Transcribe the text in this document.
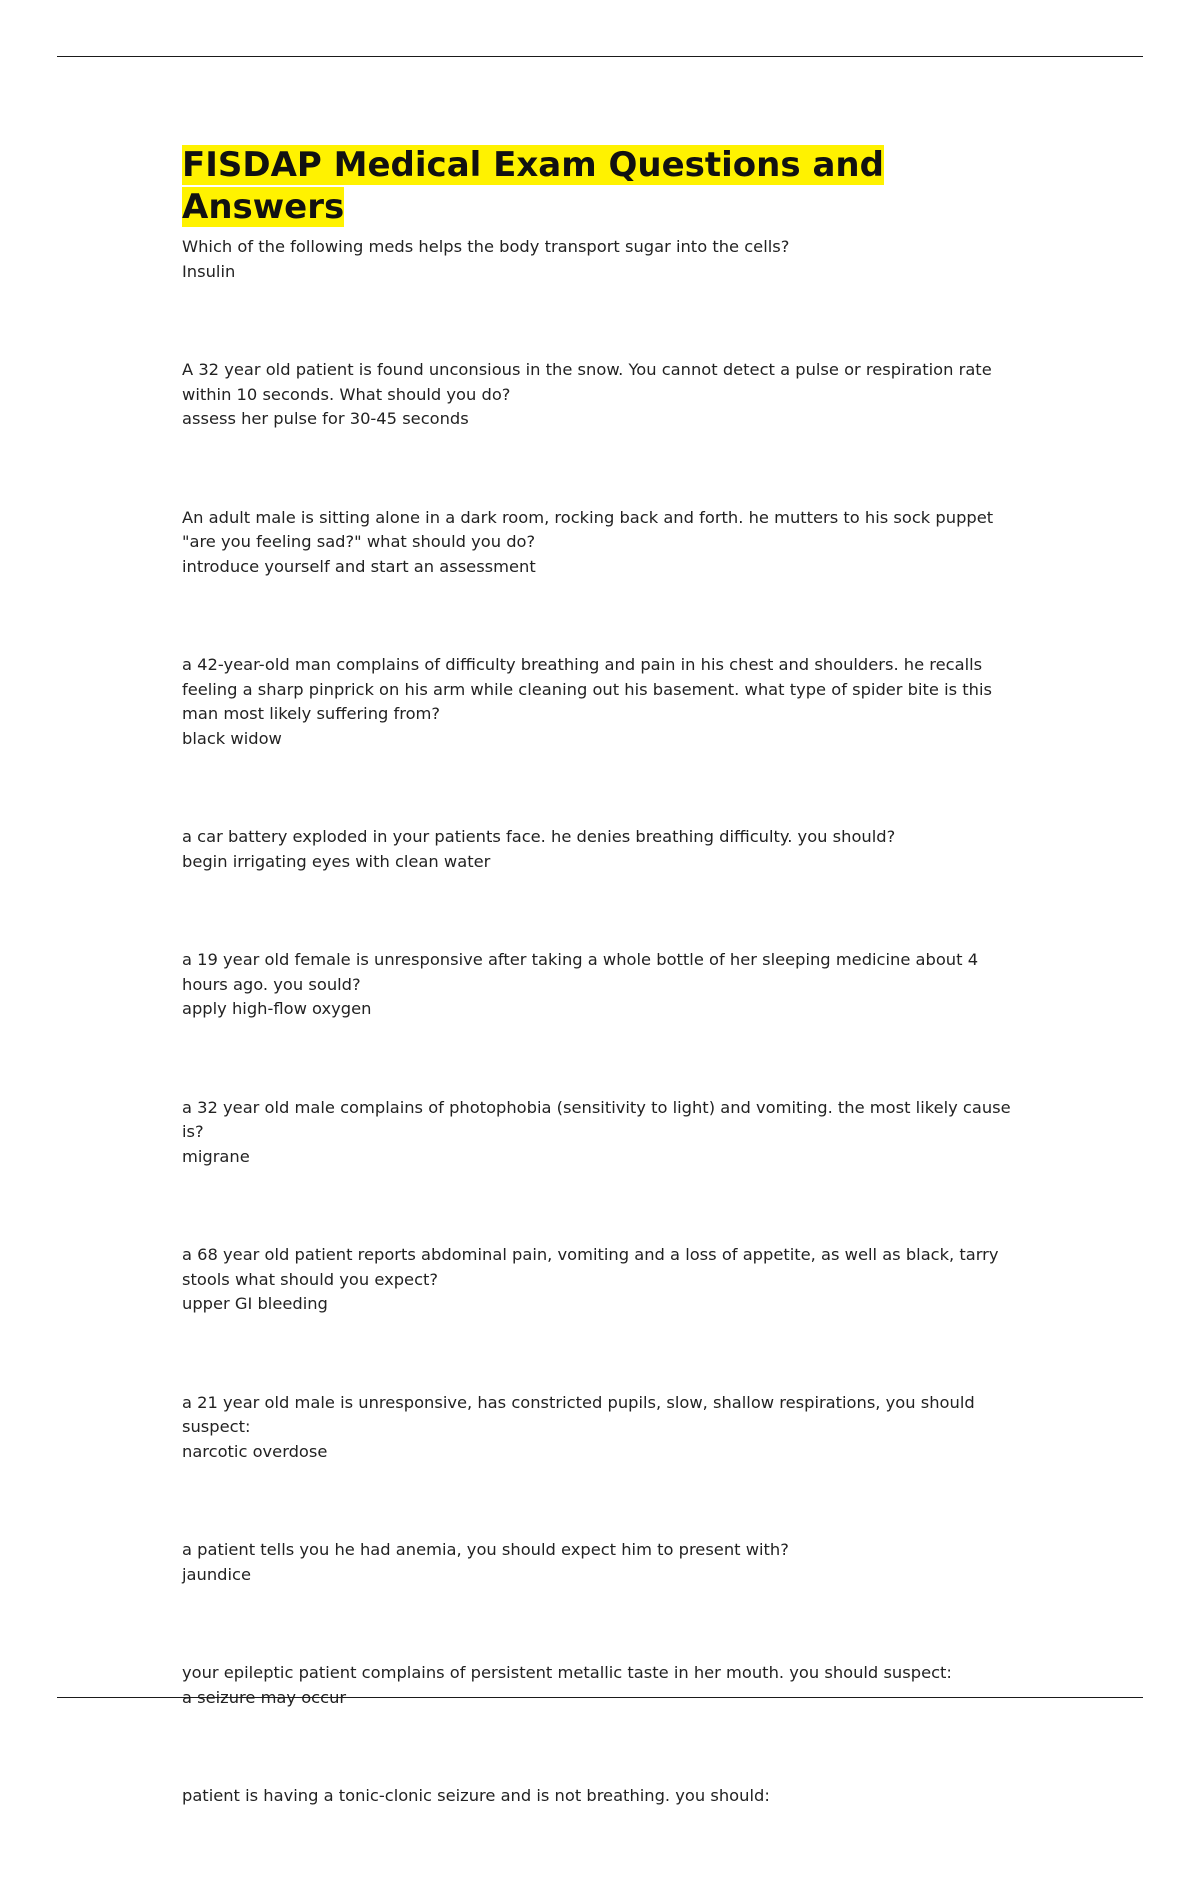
FISDAP Medical Exam Questions and Answers
Which of the following meds helps the body transport sugar into the cells?
Insulin
A 32 year old patient is found unconsious in the snow. You cannot detect a pulse or respiration rate within 10 seconds. What should you do?
assess her pulse for 30-45 seconds
An adult male is sitting alone in a dark room, rocking back and forth. he mutters to his sock puppet "are you feeling sad?" what should you do?
introduce yourself and start an assessment
a 42-year-old man complains of difficulty breathing and pain in his chest and shoulders. he recalls feeling a sharp pinprick on his arm while cleaning out his basement. what type of spider bite is this man most likely suffering from?
black widow
a car battery exploded in your patients face. he denies breathing difficulty. you should?
begin irrigating eyes with clean water
a 19 year old female is unresponsive after taking a whole bottle of her sleeping medicine about 4 hours ago. you sould?
apply high-flow oxygen
a 32 year old male complains of photophobia (sensitivity to light) and vomiting. the most likely cause is?
migrane
a 68 year old patient reports abdominal pain, vomiting and a loss of appetite, as well as black, tarry stools what should you expect?
upper GI bleeding
a 21 year old male is unresponsive, has constricted pupils, slow, shallow respirations, you should suspect:
narcotic overdose
a patient tells you he had anemia, you should expect him to present with?
jaundice
your epileptic patient complains of persistent metallic taste in her mouth. you should suspect:
a seizure may occur
patient is having a tonic-clonic seizure and is not breathing. you should:
